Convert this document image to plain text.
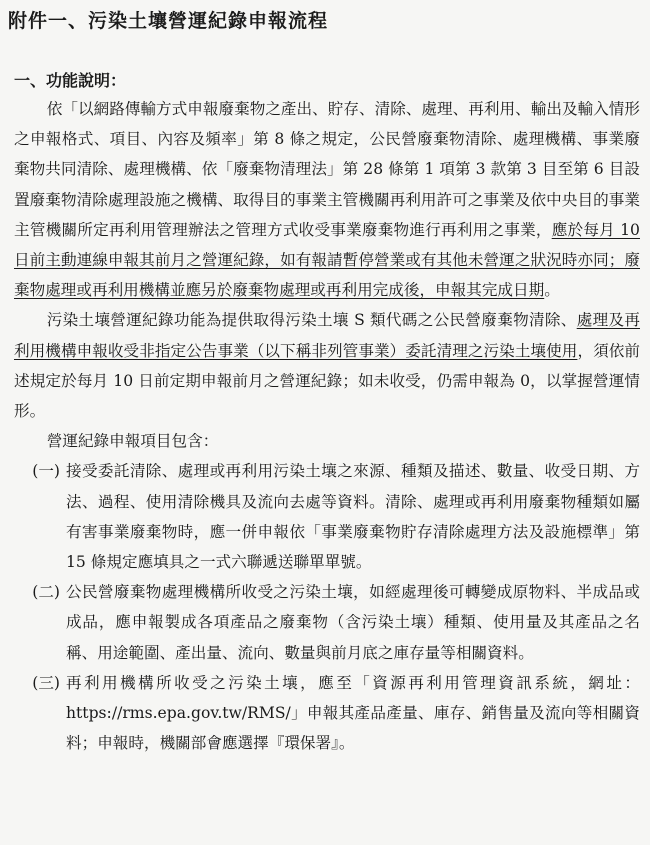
附件一、污染土壤營運紀錄申報流程
一、功能說明：

依「以網路傳輸方式申報廢棄物之產出、貯存、清除、處理、再利用、輸出及輸入情形之申報格式、項目、內容及頻率」第 8 條之規定，公民營廢棄物清除、處理機構、事業廢棄物共同清除、處理機構、依「廢棄物清理法」第 28 條第 1 項第 3 款第 3 目至第 6 目設置廢棄物清除處理設施之機構、取得目的事業主管機關再利用許可之事業及依中央目的事業主管機關所定再利用管理辦法之管理方式收受事業廢棄物進行再利用之事業，應於每月 10 日前主動連線申報其前月之營運紀錄，如有報請暫停營業或有其他未營運之狀況時亦同；廢棄物處理或再利用機構並應另於廢棄物處理或再利用完成後，申報其完成日期。

污染土壤營運紀錄功能為提供取得污染土壤 S 類代碼之公民營廢棄物清除、處理及再利用機構申報收受非指定公告事業（以下稱非列管事業）委託清理之污染土壤使用，須依前述規定於每月 10 日前定期申報前月之營運紀錄；如未收受，仍需申報為 0，以掌握營運情形。

營運紀錄申報項目包含：

(一) 接受委託清除、處理或再利用污染土壤之來源、種類及描述、數量、收受日期、方法、過程、使用清除機具及流向去處等資料。清除、處理或再利用廢棄物種類如屬有害事業廢棄物時，應一併申報依「事業廢棄物貯存清除處理方法及設施標準」第 15 條規定應填具之一式六聯遞送聯單單號。
(二) 公民營廢棄物處理機構所收受之污染土壤，如經處理後可轉變成原物料、半成品或成品，應申報製成各項產品之廢棄物（含污染土壤）種類、使用量及其產品之名稱、用途範圍、產出量、流向、數量與前月底之庫存量等相關資料。
(三) 再利用機構所收受之污染土壤，應至「資源再利用管理資訊系統，網址：https://rms.epa.gov.tw/RMS/」申報其產品產量、庫存、銷售量及流向等相關資料；申報時，機關部會應選擇『環保署』。
